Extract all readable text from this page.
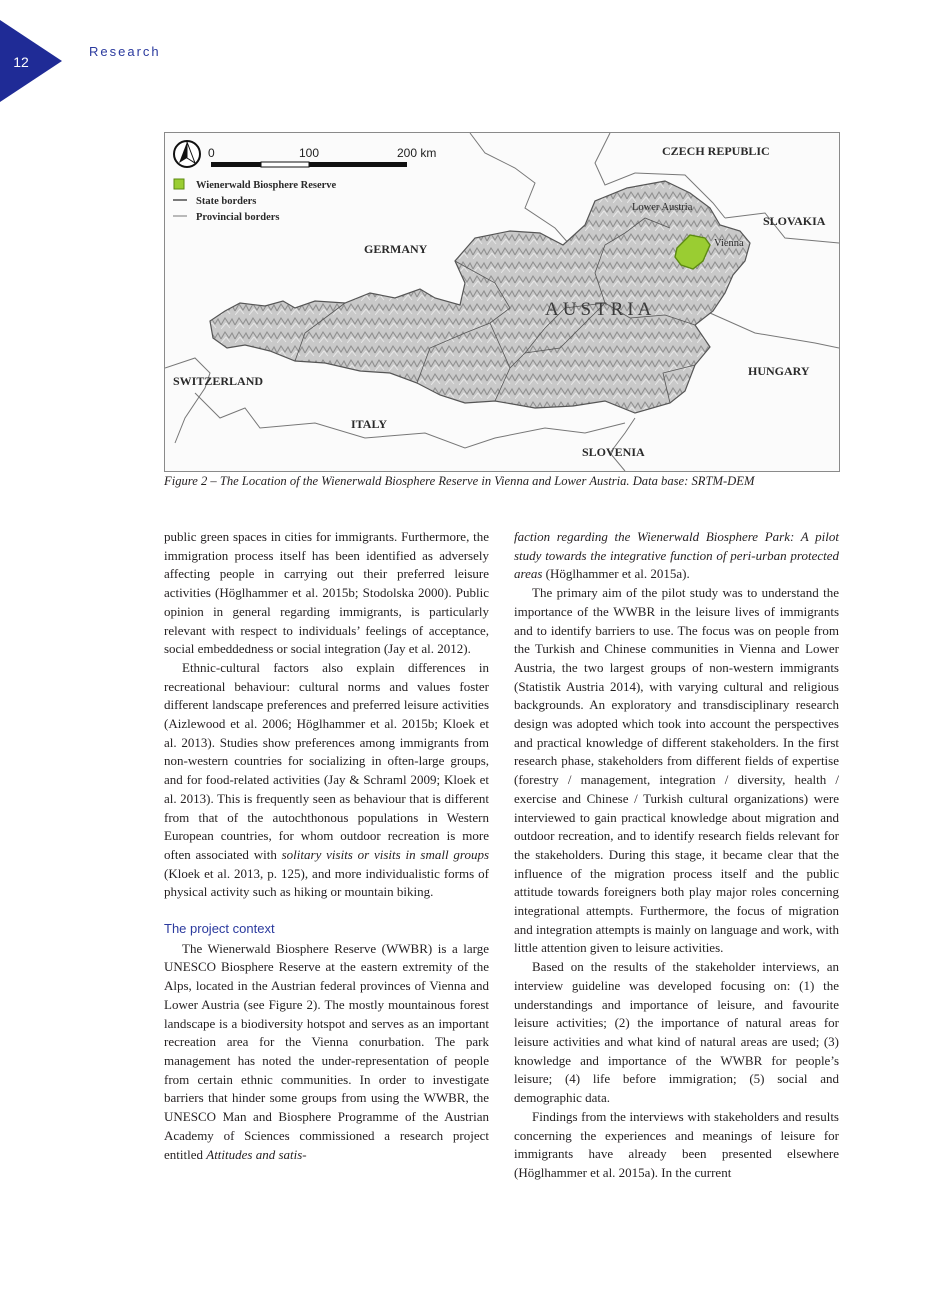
12
Research
CZECH REPUBLIC
SLOVAKIA
GERMANY
AUSTRIA
Lower Austria
Vienna
HUNGARY
SWITZERLAND
ITALY
SLOVENIA
0	100	200 km
Wienerwald Biosphere Reserve
State borders
Provincial borders
Figure 2 – The Location of the Wienerwald Biosphere Reserve in Vienna and Lower Austria. Data base: SRTM-DEM

public green spaces in cities for immigrants. Furthermore, the immigration process itself has been identified as adversely affecting people in carrying out their preferred leisure activities (Höglhammer et al. 2015b; Stodolska 2000). Public opinion in general regarding immigrants, is particularly relevant with respect to individuals’ feelings of acceptance, social embeddedness or social integration (Jay et al. 2012).

Ethnic-cultural factors also explain differences in recreational behaviour: cultural norms and values foster different landscape preferences and preferred leisure activities (Aizlewood et al. 2006; Höglhammer et al. 2015b; Kloek et al. 2013). Studies show preferences among immigrants from non-western countries for socializing in often-large groups, and for food-related activities (Jay & Schraml 2009; Kloek et al. 2013). This is frequently seen as behaviour that is different from that of the autochthonous populations in Western European countries, for whom outdoor recreation is more often associated with solitary visits or visits in small groups (Kloek et al. 2013, p. 125), and more individualistic forms of physical activity such as hiking or mountain biking.

The project context

The Wienerwald Biosphere Reserve (WWBR) is a large UNESCO Biosphere Reserve at the eastern extremity of the Alps, located in the Austrian federal provinces of Vienna and Lower Austria (see Figure 2). The mostly mountainous forest landscape is a biodiversity hotspot and serves as an important recreation area for the Vienna conurbation. The park management has noted the under-representation of people from certain ethnic communities. In order to investigate barriers that hinder some groups from using the WWBR, the UNESCO Man and Biosphere Programme of the Austrian Academy of Sciences commissioned a research project entitled Attitudes and satis-

faction regarding the Wienerwald Biosphere Park: A pilot study towards the integrative function of peri-urban protected areas (Höglhammer et al. 2015a).

The primary aim of the pilot study was to understand the importance of the WWBR in the leisure lives of immigrants and to identify barriers to use. The focus was on people from the Turkish and Chinese communities in Vienna and Lower Austria, the two largest groups of non-western immigrants (Statistik Austria 2014), with varying cultural and religious backgrounds. An exploratory and transdisciplinary research design was adopted which took into account the perspectives and practical knowledge of different stakeholders. In the first research phase, stakeholders from different fields of expertise (forestry / management, integration / diversity, health / exercise and Chinese / Turkish cultural organizations) were interviewed to gain practical knowledge about migration and outdoor recreation, and to identify research fields relevant for the stakeholders. During this stage, it became clear that the influence of the migration process itself and the public attitude towards foreigners both play major roles concerning integrational attempts. Furthermore, the focus of migration and integration attempts is mainly on language and work, with little attention given to leisure activities.

Based on the results of the stakeholder interviews, an interview guideline was developed focusing on: (1) the understandings and importance of leisure, and favourite leisure activities; (2) the importance of natural areas for leisure activities and what kind of natural areas are used; (3) knowledge and importance of the WWBR for people’s leisure; (4) life before immigration; (5) social and demographic data.

Findings from the interviews with stakeholders and results concerning the experiences and meanings of leisure for immigrants have already been presented elsewhere (Höglhammer et al. 2015a). In the current
